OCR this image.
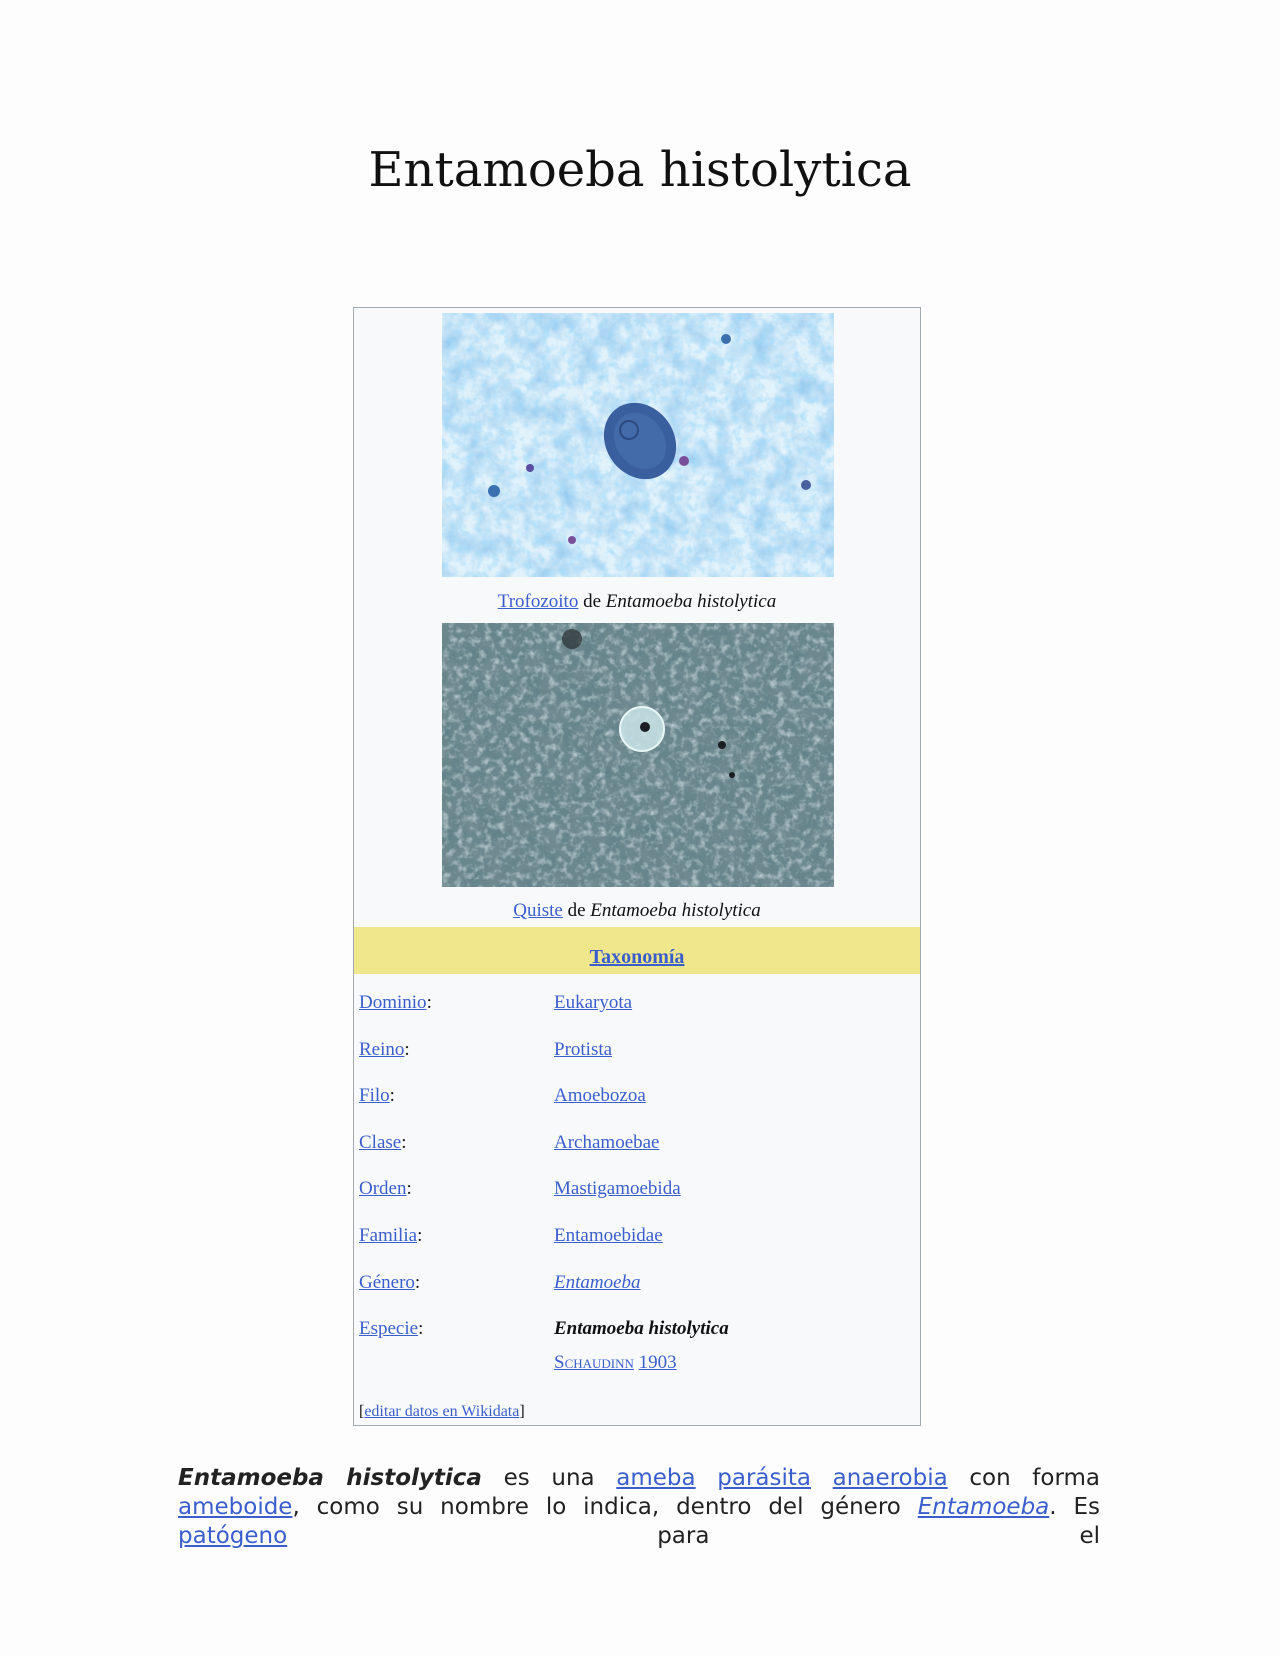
Entamoeba histolytica
Trofozoito de Entamoeba histolytica
Quiste de Entamoeba histolytica
Taxonomía
Dominio:	Eukaryota
Reino:	Protista
Filo:	Amoebozoa
Clase:	Archamoebae
Orden:	Mastigamoebida
Familia:	Entamoebidae
Género:	Entamoeba
Especie:	Entamoeba histolytica
Schaudinn 1903
[editar datos en Wikidata]

Entamoeba histolytica es una ameba parásita anaerobia con forma ameboide, como su nombre lo indica, dentro del género Entamoeba. Es patógeno para el
